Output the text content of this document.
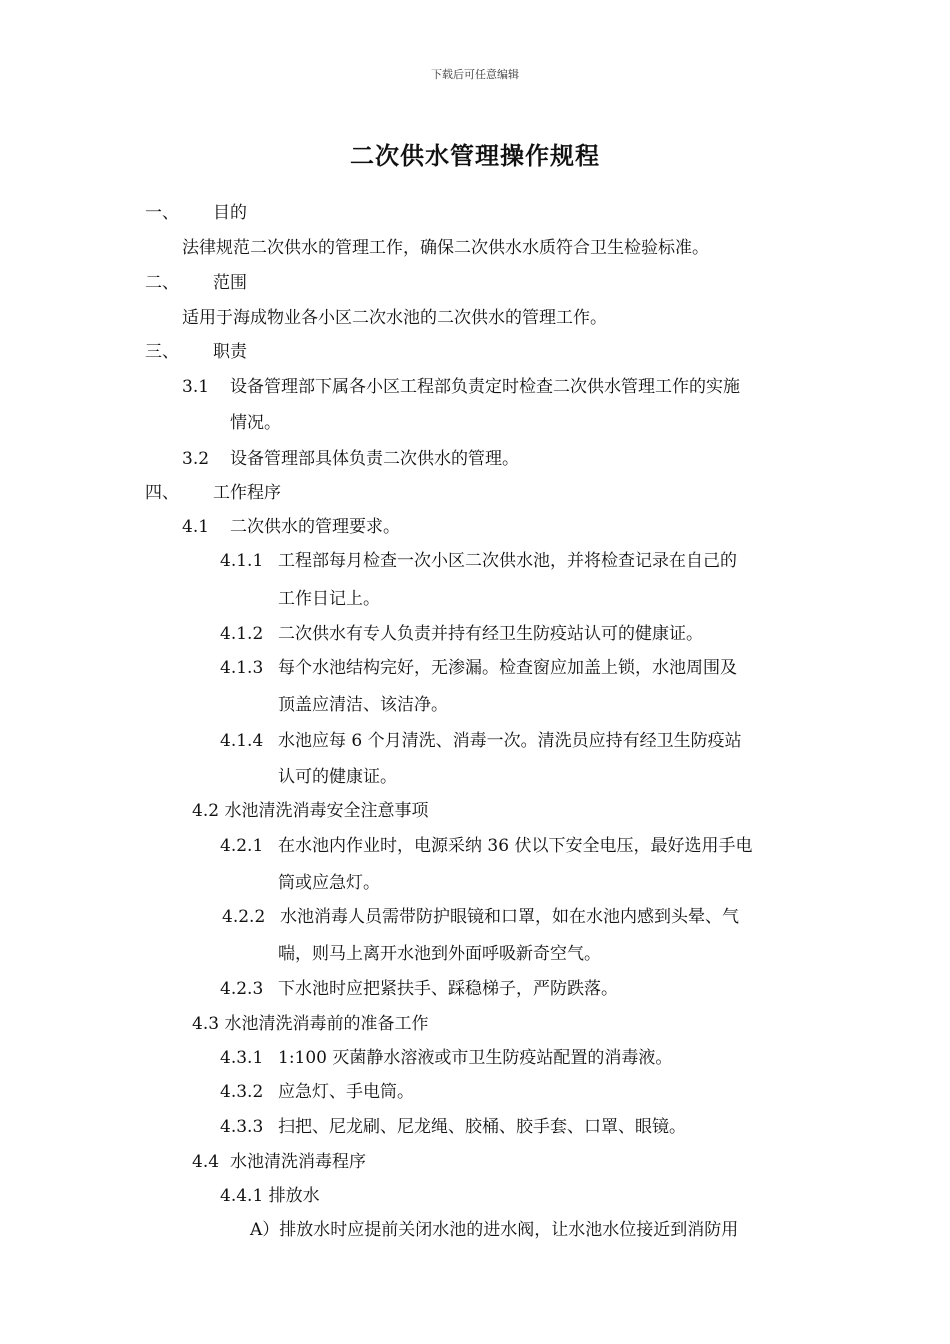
下载后可任意编辑
二次供水管理操作规程
一、 目的
法律规范二次供水的管理工作，确保二次供水水质符合卫生检验标准。
二、 范围
适用于海成物业各小区二次水池的二次供水的管理工作。
三、 职责
3.1 设备管理部下属各小区工程部负责定时检查二次供水管理工作的实施
情况。
3.2 设备管理部具体负责二次供水的管理。
四、 工作程序
4.1 二次供水的管理要求。
4.1.1 工程部每月检查一次小区二次供水池，并将检查记录在自己的
工作日记上。
4.1.2 二次供水有专人负责并持有经卫生防疫站认可的健康证。
4.1.3 每个水池结构完好，无渗漏。检查窗应加盖上锁，水池周围及
顶盖应清洁、该洁净。
4.1.4 水池应每 6 个月清洗、消毒一次。清洗员应持有经卫生防疫站
认可的健康证。
4.2 水池清洗消毒安全注意事项
4.2.1 在水池内作业时，电源采纳 36 伏以下安全电压，最好选用手电
筒或应急灯。
4.2.2 水池消毒人员需带防护眼镜和口罩，如在水池内感到头晕、气
喘，则马上离开水池到外面呼吸新奇空气。
4.2.3 下水池时应把紧扶手、踩稳梯子，严防跌落。
4.3 水池清洗消毒前的准备工作
4.3.1 1:100 灭菌静水溶液或市卫生防疫站配置的消毒液。
4.3.2 应急灯、手电筒。
4.3.3 扫把、尼龙刷、尼龙绳、胶桶、胶手套、口罩、眼镜。
4.4 水池清洗消毒程序
4.4.1 排放水
A）排放水时应提前关闭水池的进水阀，让水池水位接近到消防用
